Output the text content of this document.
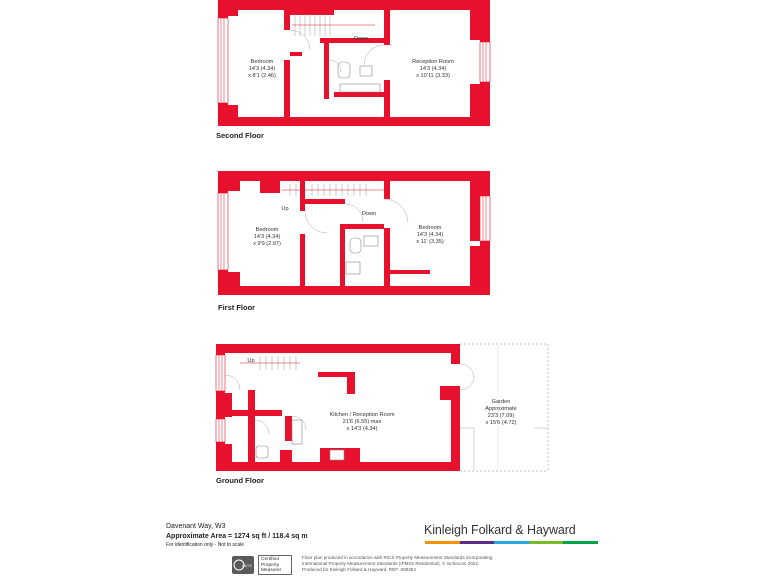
Bedroom
14'3 (4.34)
x 8'1 (2.46)
Reception Room
14'3 (4.34)
x 10'11 (3.33)
Down
Bedroom
14'3 (4.34)
x 9'9 (2.97)
Bedroom
14'3 (4.34)
x 11' (3.35)
Up
Down
Kitchen / Reception Room
21'6 (6.55) max
x 14'3 (4.34)
Garden
Approximate
23'3 (7.09)
x 15'6 (4.72)
Up
Second Floor
First Floor
Ground Floor
Davenant Way, W3
Approximate Area = 1274 sq ft / 118.4 sq m
For identification only - Not to scale
Kinleigh Folkard & Hayward
RICS
Certified
Property
Measurer
Floor plan produced in accordance with RICS Property Measurement Standards incorporating
International Property Measurement Standards (IPMS2 Residential). © nichecom 2022.
Produced for Kinleigh Folkard & Hayward. REF: 808354
